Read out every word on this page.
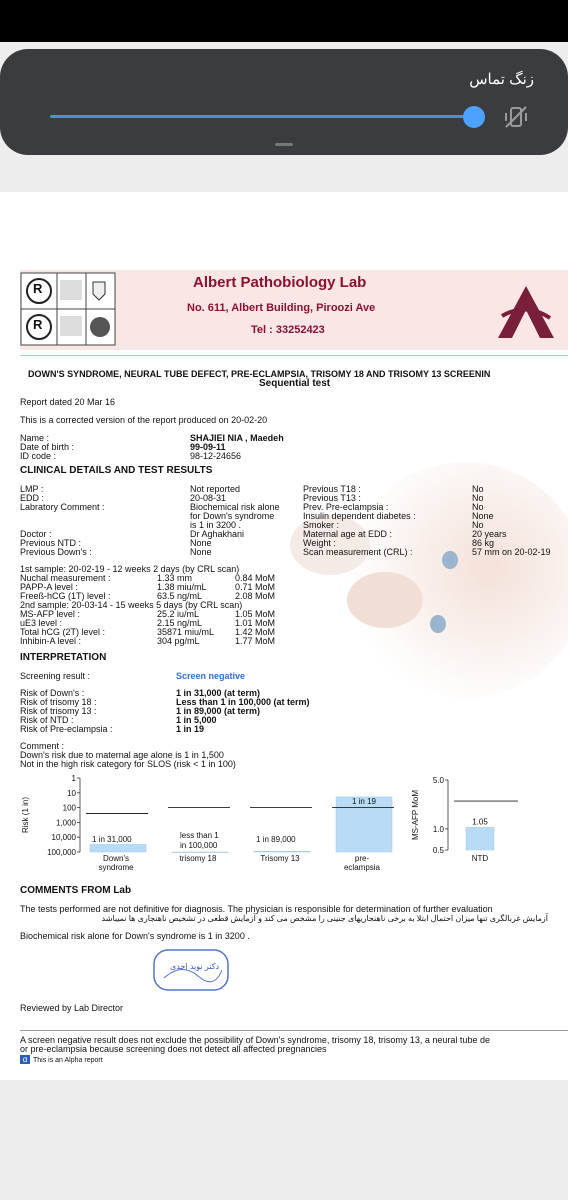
زنگ تماس
R
R
Albert Pathobiology Lab
No. 611, Albert Building, Piroozi Ave
Tel : 33252423
DOWN'S SYNDROME, NEURAL TUBE DEFECT, PRE-ECLAMPSIA, TRISOMY 18 AND TRISOMY 13 SCREENIN
Sequential test
Report dated 20 Mar 16
This is a corrected version of the report produced on 20-02-20
Name :	SHAJIEI NIA , Maedeh
Date of birth :	99-09-11
ID code :	98-12-24656
CLINICAL DETAILS AND TEST RESULTS
LMP :	Not reported
EDD :	20-08-31
Labratory Comment :	Biochemical risk alone
for Down's syndrome
is 1 in 3200 .
Doctor :	Dr Aghakhani
Previous NTD :	None
Previous Down's :	None
Previous T18 :	No
Previous T13 :	No
Prev. Pre-eclampsia :	No
Insulin dependent diabetes :	None
Smoker :	No
Maternal age at EDD :	20 years
Weight :	86 kg
Scan measurement (CRL) :	57 mm on 20-02-19
1st sample: 20-02-19 - 12 weeks 2 days (by CRL scan)
Nuchal measurement :	1.33 mm	0.84 MoM
PAPP-A level :	1.38 miu/mL	0.71 MoM
Freeß-hCG (1T) level :	63.5 ng/mL	2.08 MoM
2nd sample: 20-03-14 - 15 weeks 5 days (by CRL scan)
MS-AFP level :	25.2 iu/mL	1.05 MoM
uE3 level :	2.15 ng/mL	1.01 MoM
Total hCG (2T) level :	35871 miu/mL 1.42 MoM
Inhibin-A level :	304 pg/mL	1.77 MoM
INTERPRETATION
Screening result :	Screen negative
Risk of Down's :	1 in 31,000 (at term)
Risk of trisomy 18 :	Less than 1 in 100,000 (at term)
Risk of trisomy 13 :	1 in 89,000 (at term)
Risk of NTD :	1 in 5,000
Risk of Pre-eclampsia :	1 in 19
Comment :
Down's risk due to maternal age alone is 1 in 1,500
Not in the high risk category for SLOS (risk < 1 in 100)
Risk (1 in)
1
10
100
1,000
10,000
100,000
1 in 31,000
Down's
syndrome
less than 1
in 100,000
trisomy 18
1 in 89,000
Trisomy 13
1 in 19
pre-
eclampsia
MS-AFP MoM
5.0
1.0
0.5
1.05
NTD
COMMENTS FROM Lab
The tests performed are not definitive for diagnosis. The physician is responsible for determination of further evaluation
آزمایش غربالگری تنها میزان احتمال ابتلا به برخی ناهنجاریهای جنینی را مشخص می کند و آزمایش قطعی در تشخیص ناهنجاری ها نمیباشد
Biochemical risk alone for Down's syndrome is 1 in 3200 .
دکتر نوید احدی
Reviewed by Lab Director
A screen negative result does not exclude the possibility of Down's syndrome, trisomy 18, trisomy 13, a neural tube de
or pre-eclampsia because screening does not detect all affected pregnancies
α This is an Alpha report
